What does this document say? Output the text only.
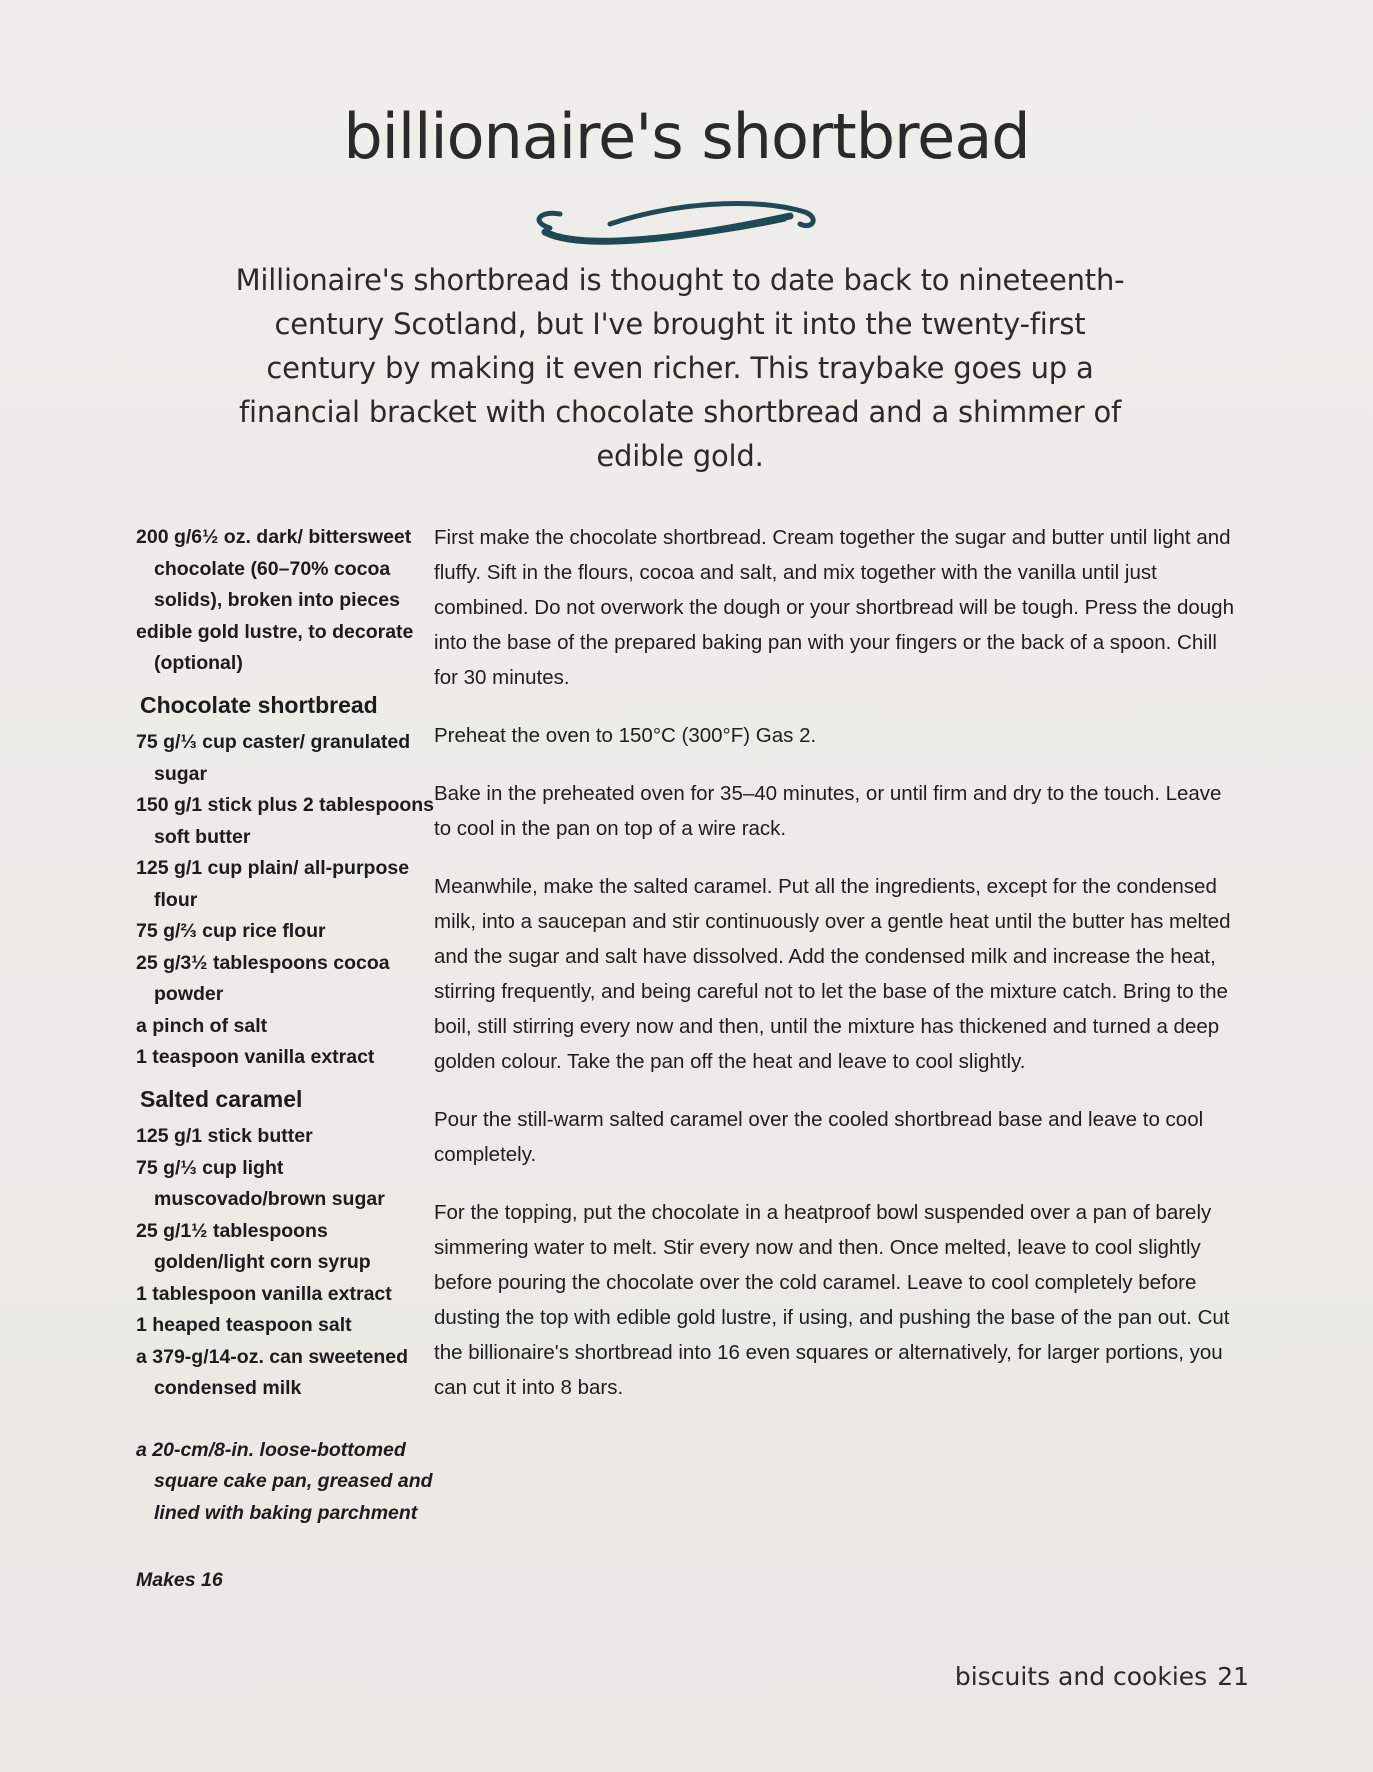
billionaire's shortbread
Millionaire's shortbread is thought to date back to nineteenth-century Scotland, but I've brought it into the twenty-first century by making it even richer. This traybake goes up a financial bracket with chocolate shortbread and a shimmer of edible gold.

200 g/6½ oz. dark/ bittersweet chocolate (60–70% cocoa solids), broken into pieces

edible gold lustre, to decorate (optional)

Chocolate shortbread

75 g/⅓ cup caster/ granulated sugar

150 g/1 stick plus 2 tablespoons soft butter

125 g/1 cup plain/ all-purpose flour

75 g/⅔ cup rice flour

25 g/3½ tablespoons cocoa powder

a pinch of salt

1 teaspoon vanilla extract

Salted caramel

125 g/1 stick butter

75 g/⅓ cup light muscovado/brown sugar

25 g/1½ tablespoons golden/light corn syrup

1 tablespoon vanilla extract

1 heaped teaspoon salt

a 379-g/14-oz. can sweetened condensed milk

a 20-cm/8-in. loose-bottomed square cake pan, greased and lined with baking parchment

Makes 16

First make the chocolate shortbread. Cream together the sugar and butter until light and fluffy. Sift in the flours, cocoa and salt, and mix together with the vanilla until just combined. Do not overwork the dough or your shortbread will be tough. Press the dough into the base of the prepared baking pan with your fingers or the back of a spoon. Chill for 30 minutes.

Preheat the oven to 150°C (300°F) Gas 2.

Bake in the preheated oven for 35–40 minutes, or until firm and dry to the touch. Leave to cool in the pan on top of a wire rack.

Meanwhile, make the salted caramel. Put all the ingredients, except for the condensed milk, into a saucepan and stir continuously over a gentle heat until the butter has melted and the sugar and salt have dissolved. Add the condensed milk and increase the heat, stirring frequently, and being careful not to let the base of the mixture catch. Bring to the boil, still stirring every now and then, until the mixture has thickened and turned a deep golden colour. Take the pan off the heat and leave to cool slightly.

Pour the still-warm salted caramel over the cooled shortbread base and leave to cool completely.

For the topping, put the chocolate in a heatproof bowl suspended over a pan of barely simmering water to melt. Stir every now and then. Once melted, leave to cool slightly before pouring the chocolate over the cold caramel. Leave to cool completely before dusting the top with edible gold lustre, if using, and pushing the base of the pan out. Cut the billionaire's shortbread into 16 even squares or alternatively, for larger portions, you can cut it into 8 bars.

biscuits and cookies 21
